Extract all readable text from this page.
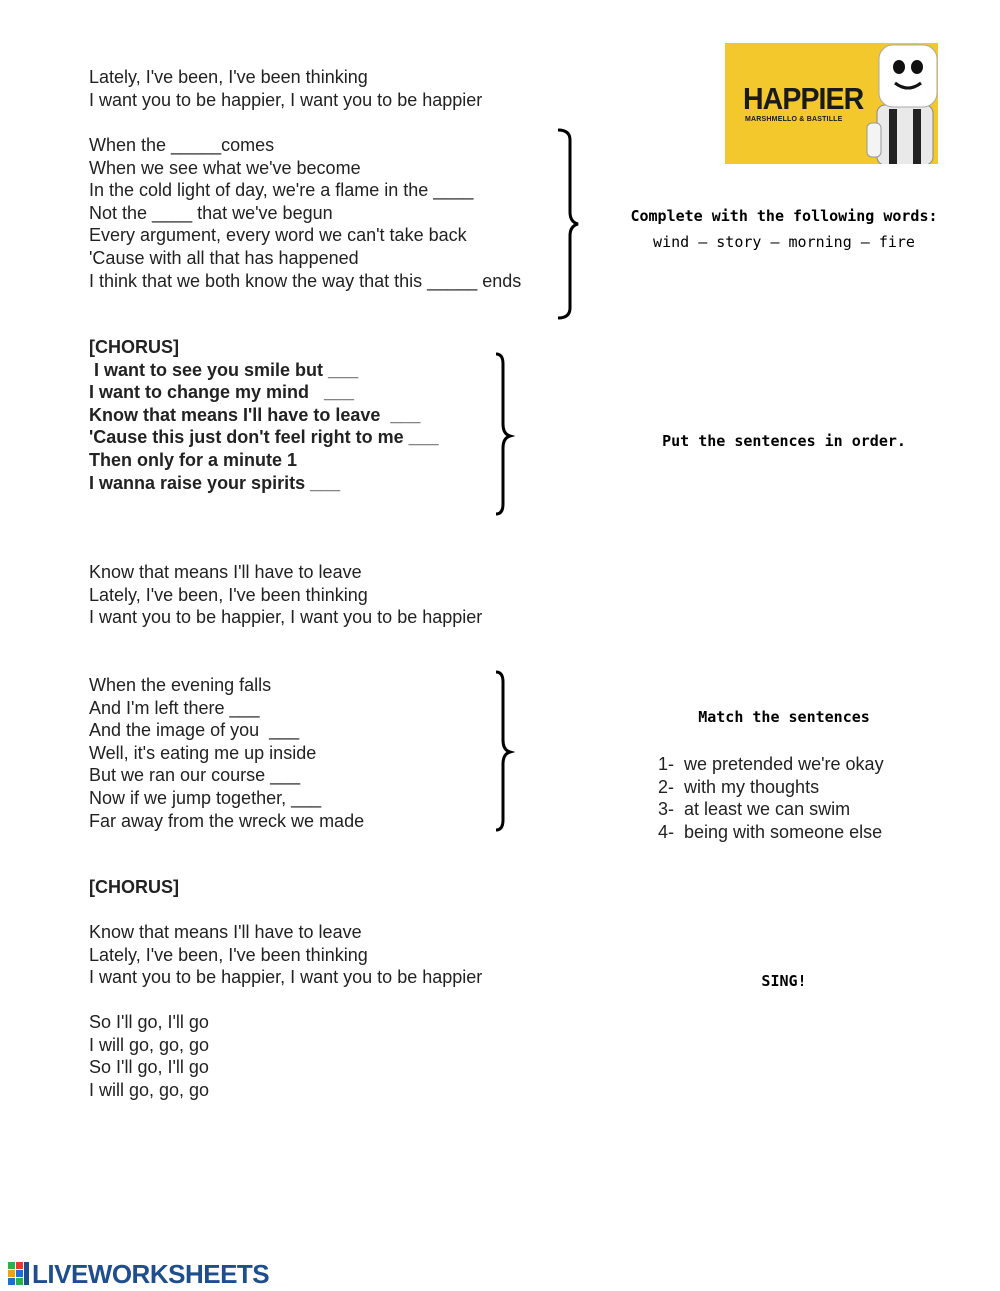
Lately, I've been, I've been thinking
I want you to be happier, I want you to be happier
When the _____comes
When we see what we've become
In the cold light of day, we're a flame in the ____
Not the ____ that we've begun
Every argument, every word we can't take back
'Cause with all that has happened
I think that we both know the way that this _____ ends
[CHORUS]
I want to see you smile but ___
I want to change my mind   ___
Know that means I'll have to leave  ___
'Cause this just don't feel right to me ___
Then only for a minute 1
I wanna raise your spirits ___
Know that means I'll have to leave
Lately, I've been, I've been thinking
I want you to be happier, I want you to be happier
When the evening falls
And I'm left there ___
And the image of you  ___
Well, it's eating me up inside
But we ran our course ___
Now if we jump together, ___
Far away from the wreck we made
[CHORUS]
Know that means I'll have to leave
Lately, I've been, I've been thinking
I want you to be happier, I want you to be happier
So I'll go, I'll go
I will go, go, go
So I'll go, I'll go
I will go, go, go
HAPPIER
MARSHMELLO & BASTILLE
Complete with the following words:
wind – story – morning – fire
Put the sentences in order.
Match the sentences
1-  we pretended we're okay
2-  with my thoughts
3-  at least we can swim
4-  being with someone else
SING!
LIVEWORKSHEETS
